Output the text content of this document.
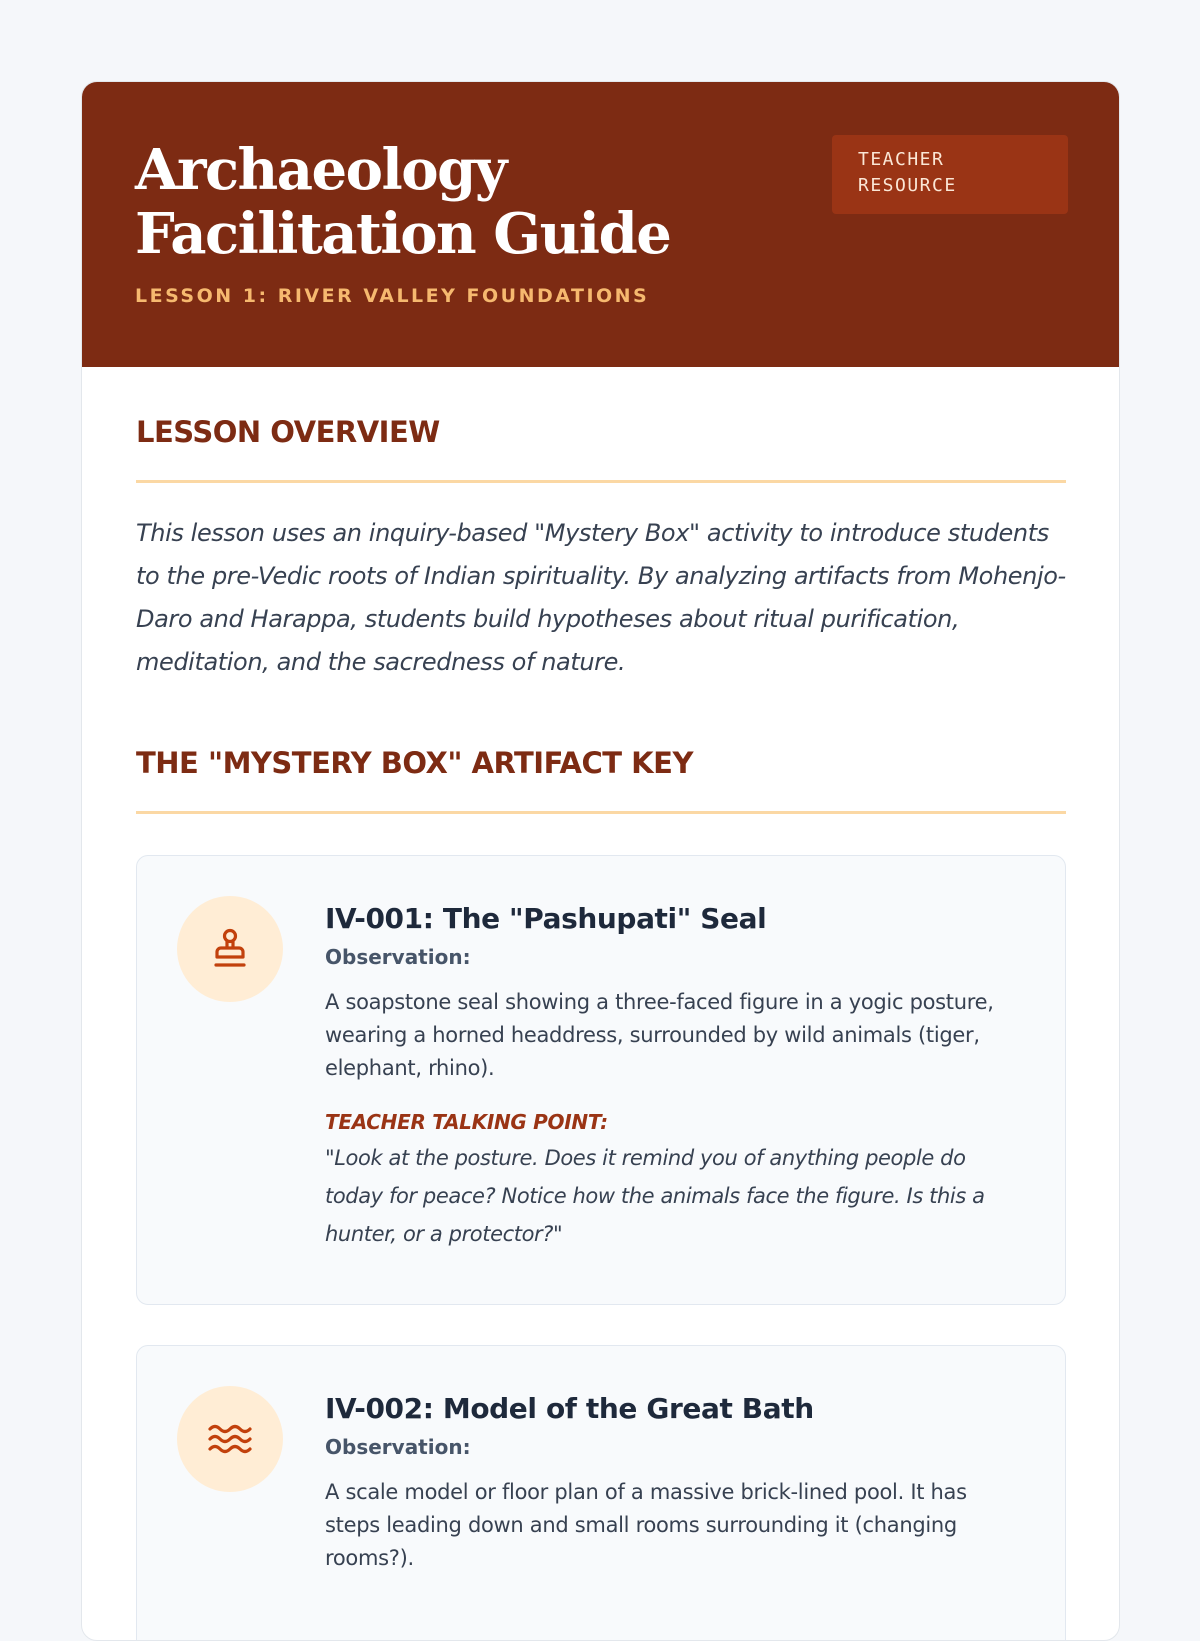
Archaeology Facilitation Guide

LESSON 1: RIVER VALLEY FOUNDATIONS

TEACHER
RESOURCE
LESSON OVERVIEW

This lesson uses an inquiry-based "Mystery Box" activity to introduce students to the pre-Vedic roots of Indian spirituality. By analyzing artifacts from Mohenjo-Daro and Harappa, students build hypotheses about ritual purification, meditation, and the sacredness of nature.

THE "MYSTERY BOX" ARTIFACT KEY
IV-001: The "Pashupati" Seal

Observation:

A soapstone seal showing a three-faced figure in a yogic posture, wearing a horned headdress, surrounded by wild animals (tiger, elephant, rhino).

TEACHER TALKING POINT:

"Look at the posture. Does it remind you of anything people do today for peace? Notice how the animals face the figure. Is this a hunter, or a protector?"

IV-002: Model of the Great Bath

Observation:

A scale model or floor plan of a massive brick-lined pool. It has steps leading down and small rooms surrounding it (changing rooms?).
